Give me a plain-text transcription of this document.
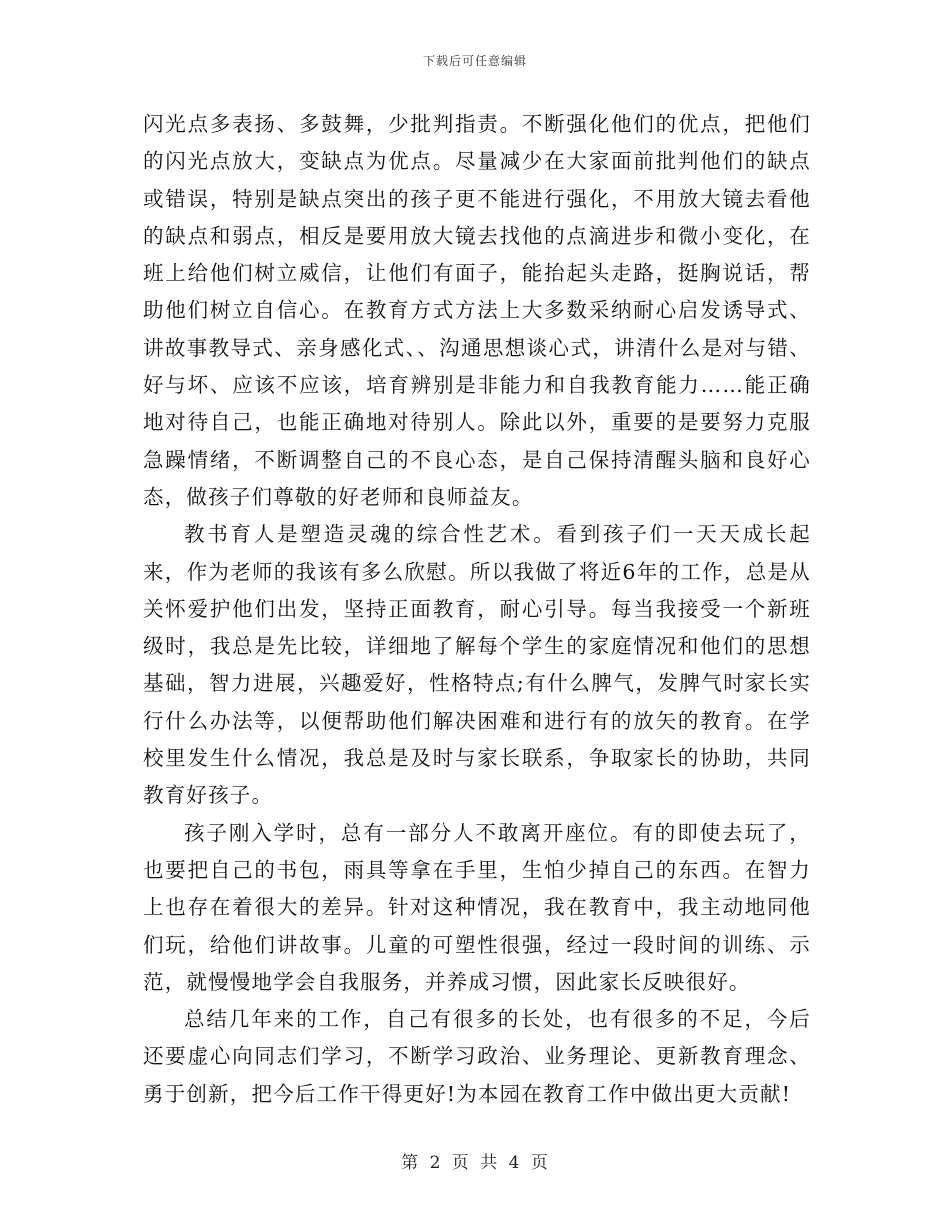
下载后可任意编辑

闪光点多表扬、多鼓舞，少批判指责。不断强化他们的优点，把他们的闪光点放大，变缺点为优点。尽量减少在大家面前批判他们的缺点或错误，特别是缺点突出的孩子更不能进行强化，不用放大镜去看他的缺点和弱点，相反是要用放大镜去找他的点滴进步和微小变化，在班上给他们树立威信，让他们有面子，能抬起头走路，挺胸说话，帮助他们树立自信心。在教育方式方法上大多数采纳耐心启发诱导式、讲故事教导式、亲身感化式、、沟通思想谈心式，讲清什么是对与错、好与坏、应该不应该，培育辨别是非能力和自我教育能力……能正确地对待自己，也能正确地对待别人。除此以外，重要的是要努力克服急躁情绪，不断调整自己的不良心态，是自己保持清醒头脑和良好心态，做孩子们尊敬的好老师和良师益友。

教书育人是塑造灵魂的综合性艺术。看到孩子们一天天成长起来，作为老师的我该有多么欣慰。所以我做了将近6年的工作，总是从关怀爱护他们出发，坚持正面教育，耐心引导。每当我接受一个新班级时，我总是先比较，详细地了解每个学生的家庭情况和他们的思想基础，智力进展，兴趣爱好，性格特点;有什么脾气，发脾气时家长实行什么办法等，以便帮助他们解决困难和进行有的放矢的教育。在学校里发生什么情况，我总是及时与家长联系，争取家长的协助，共同教育好孩子。

孩子刚入学时，总有一部分人不敢离开座位。有的即使去玩了，也要把自己的书包，雨具等拿在手里，生怕少掉自己的东西。在智力上也存在着很大的差异。针对这种情况，我在教育中，我主动地同他们玩，给他们讲故事。儿童的可塑性很强，经过一段时间的训练、示范，就慢慢地学会自我服务，并养成习惯，因此家长反映很好。

总结几年来的工作，自己有很多的长处，也有很多的不足，今后还要虚心向同志们学习，不断学习政治、业务理论、更新教育理念、勇于创新，把今后工作干得更好!为本园在教育工作中做出更大贡献!

第 2 页 共 4 页
